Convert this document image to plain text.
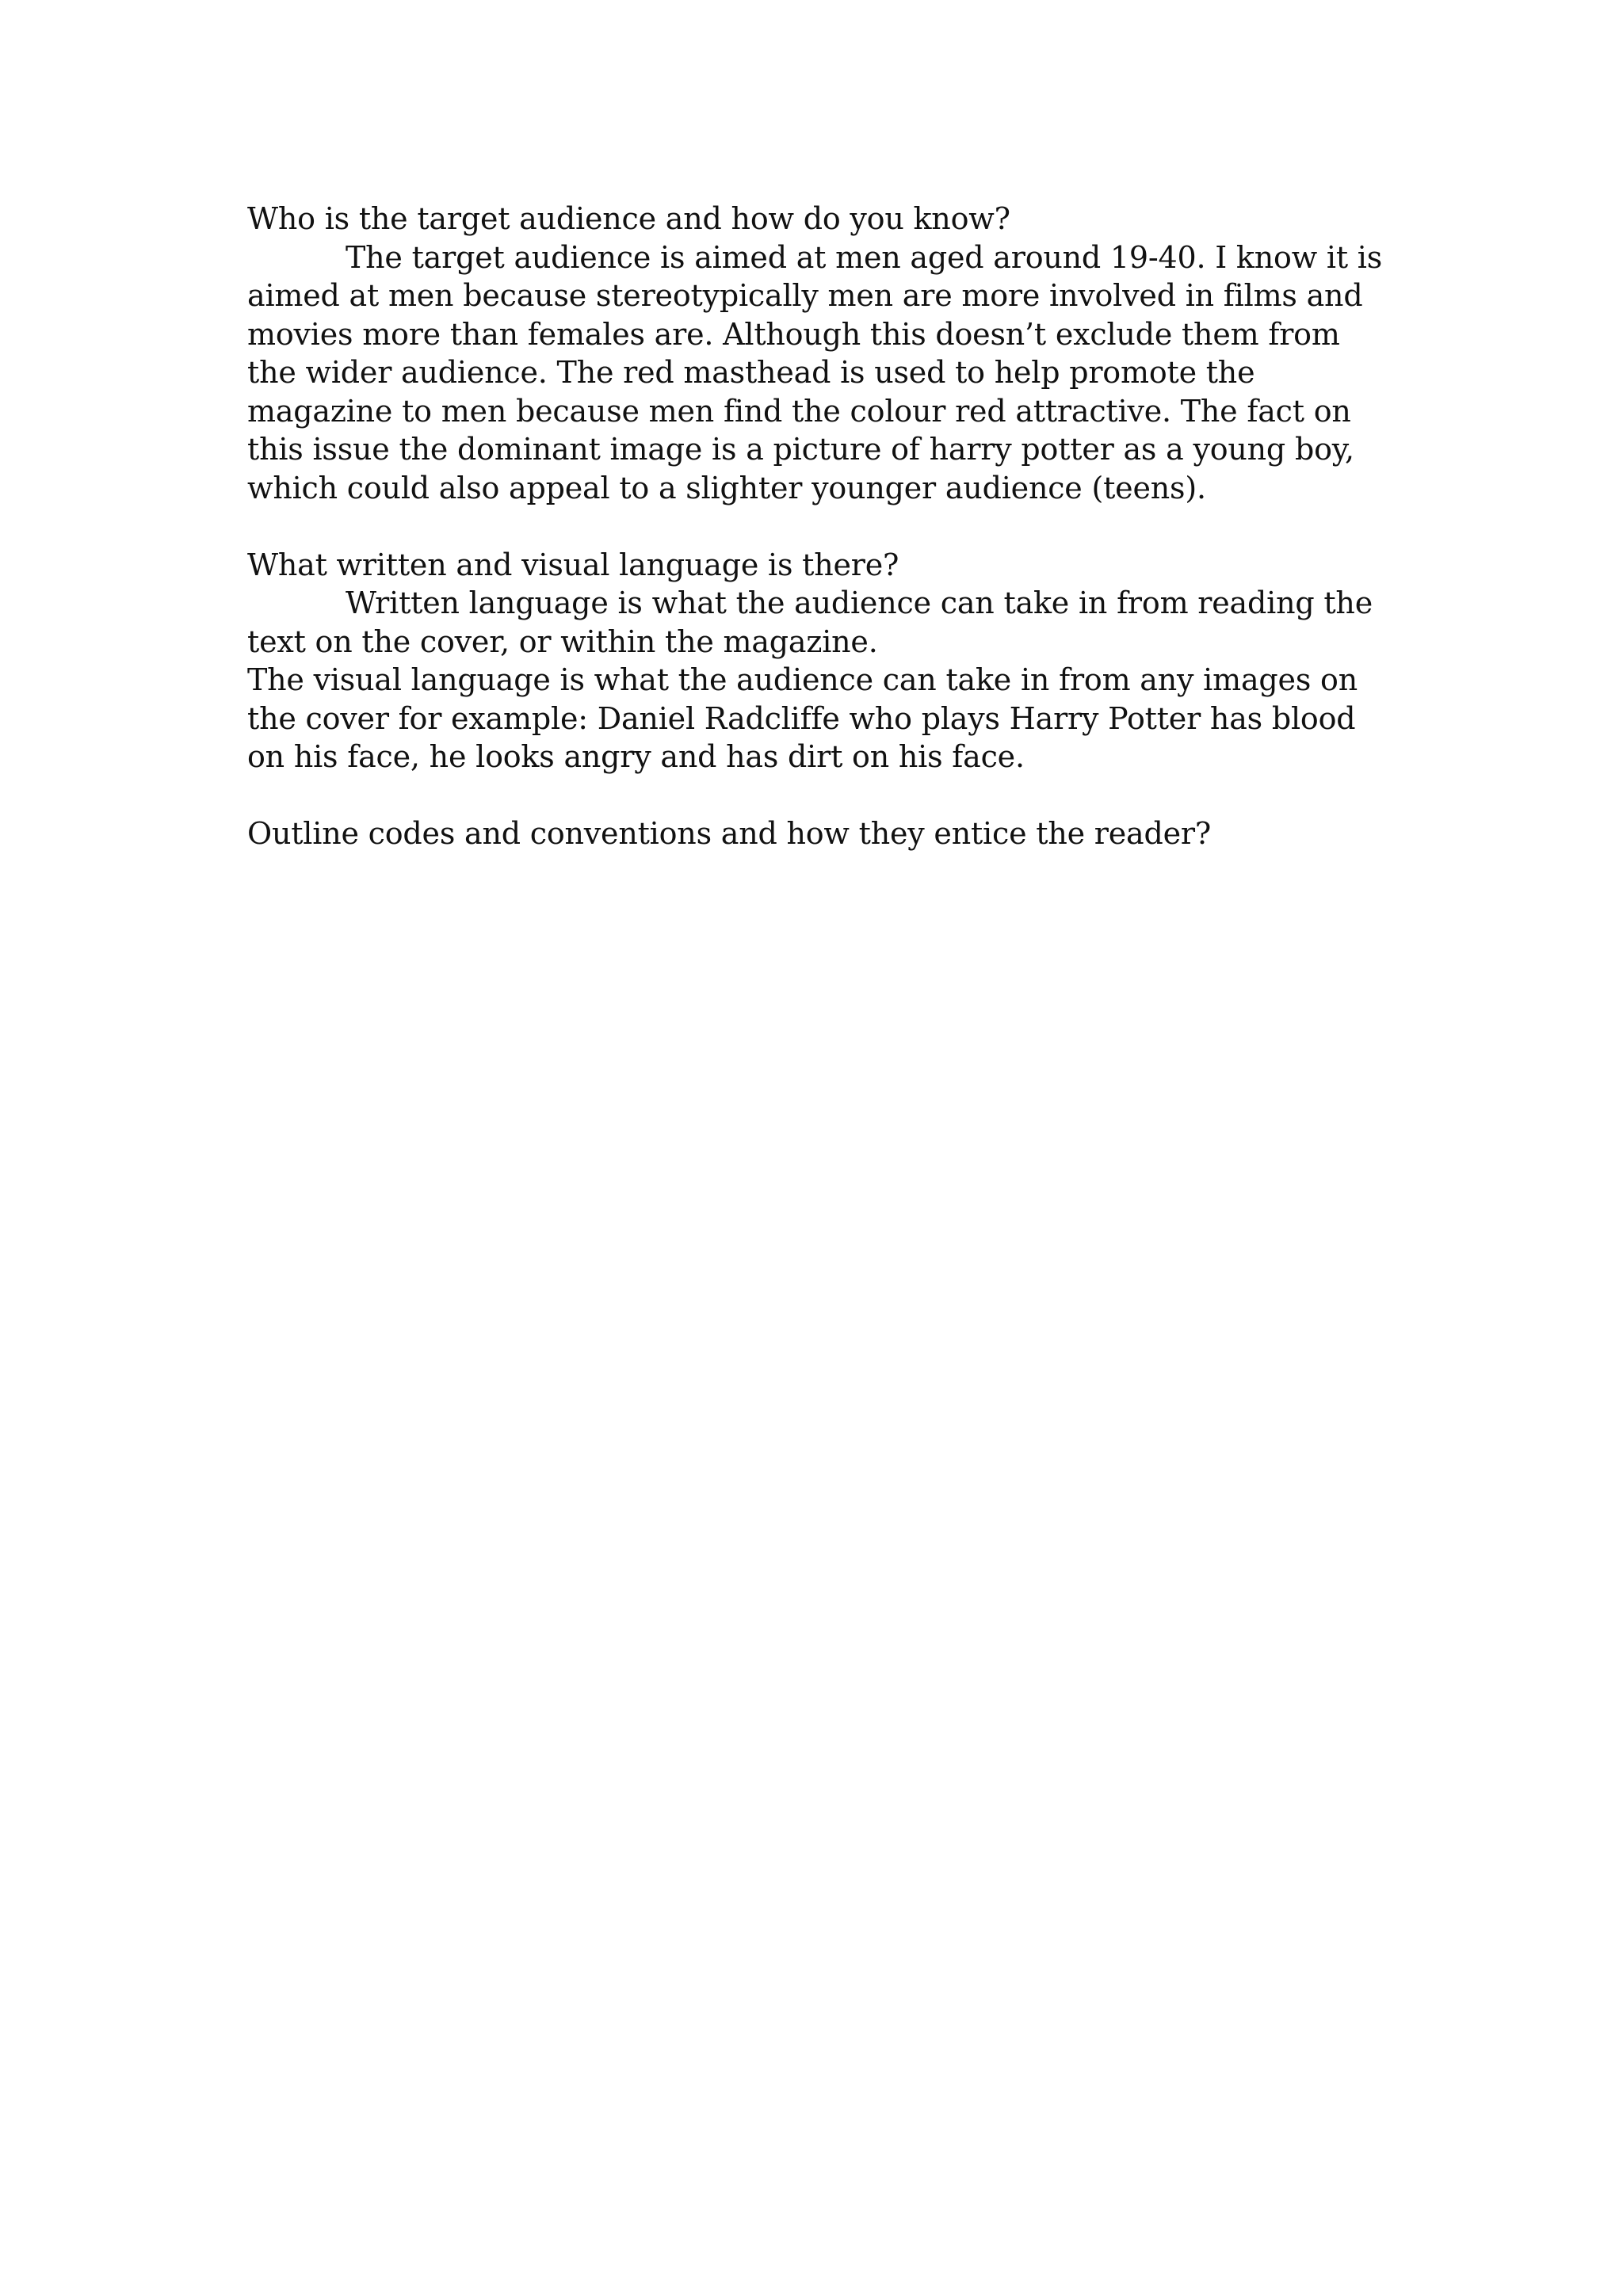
Who is the target audience and how do you know?

The target audience is aimed at men aged around 19-40. I know it is aimed at men because stereotypically men are more involved in films and movies more than females are. Although this doesn’t exclude them from the wider audience. The red masthead is used to help promote the magazine to men because men find the colour red attractive. The fact on this issue the dominant image is a picture of harry potter as a young boy, which could also appeal to a slighter younger audience (teens).

What written and visual language is there?

Written language is what the audience can take in from reading the text on the cover, or within the magazine.

The visual language is what the audience can take in from any images on the cover for example: Daniel Radcliffe who plays Harry Potter has blood on his face, he looks angry and has dirt on his face.

Outline codes and conventions and how they entice the reader?
